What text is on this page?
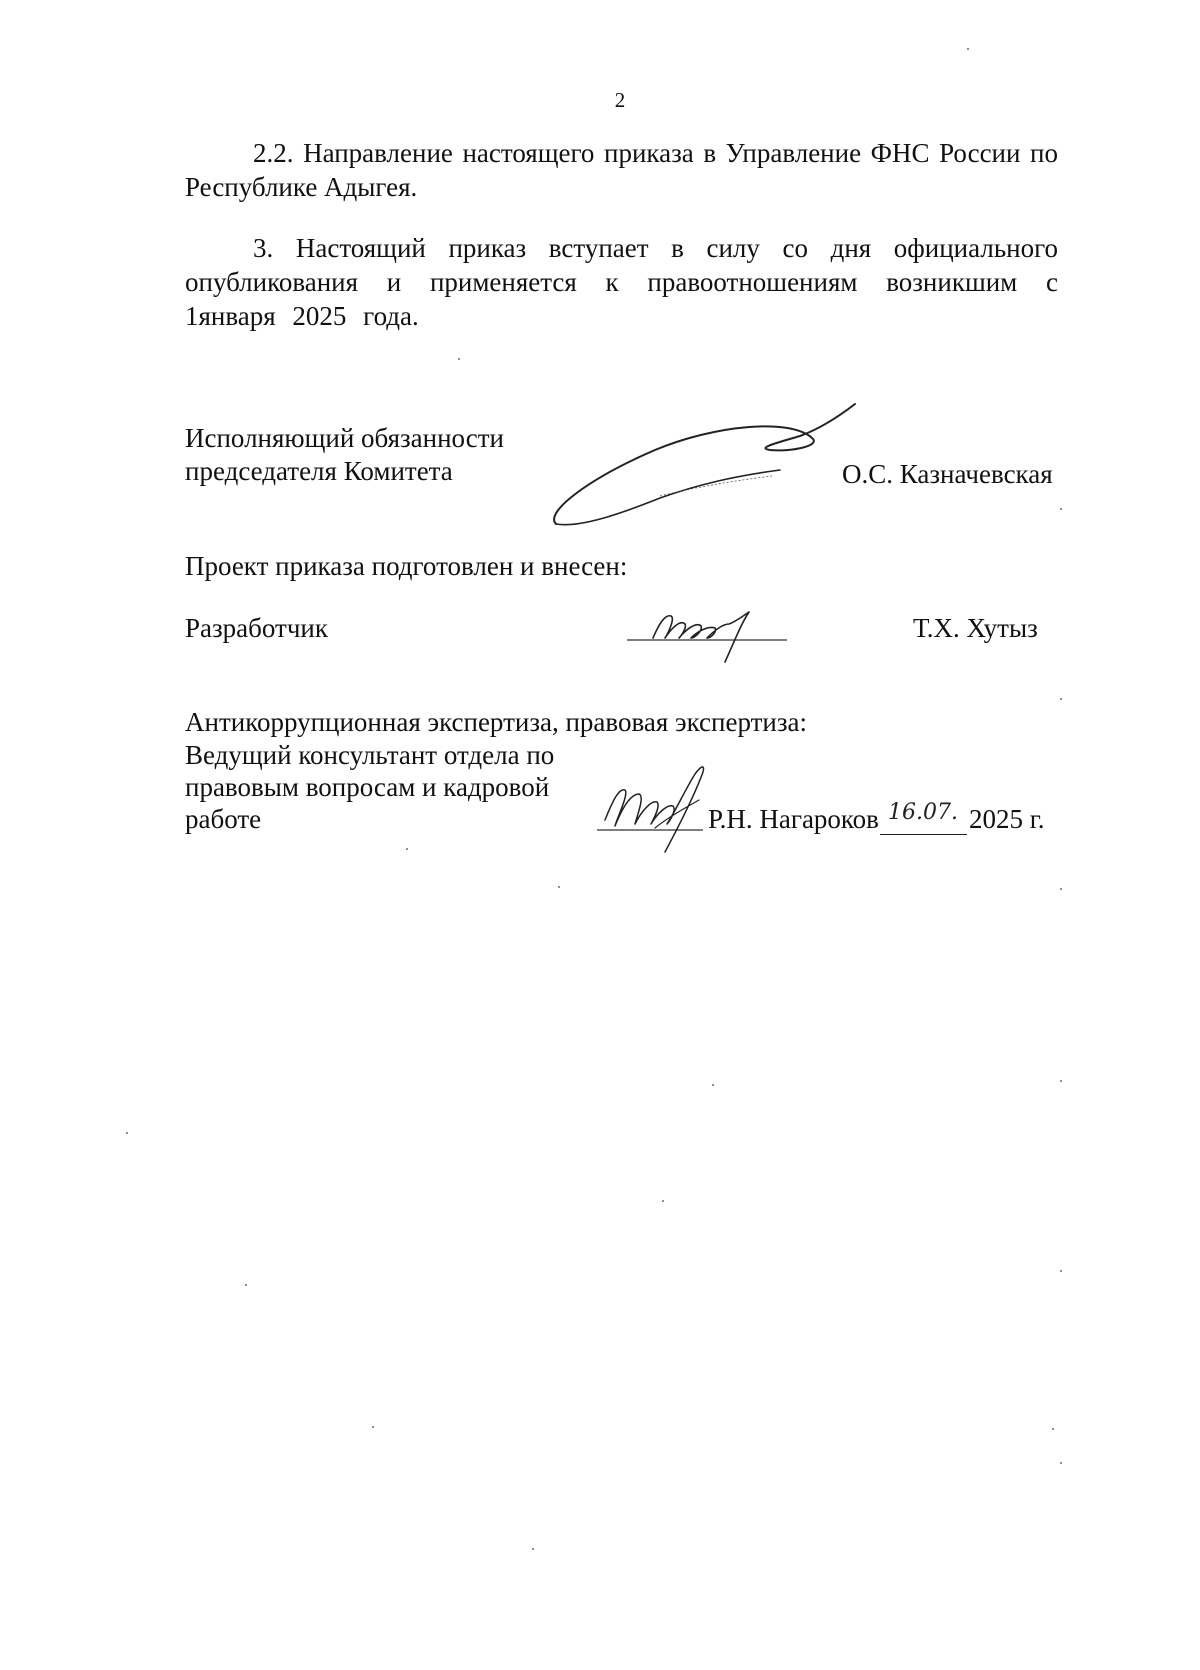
2
2.2. Направление настоящего приказа в Управление ФНС России по Республике Адыгея.
3. Настоящий приказ вступает в силу со дня официального опубликования и применяется к правоотношениям возникшим с 1января 2025 года.
Исполняющий обязанности
председателя Комитета	О.С. Казначевская
Проект приказа подготовлен и внесен:
Разработчик	Т.Х. Хутыз
Антикоррупционная экспертиза, правовая экспертиза:
Ведущий консультант отдела по
правовым вопросам и кадровой
работе	Р.Н. Нагароков 16.07. 2025 г.
